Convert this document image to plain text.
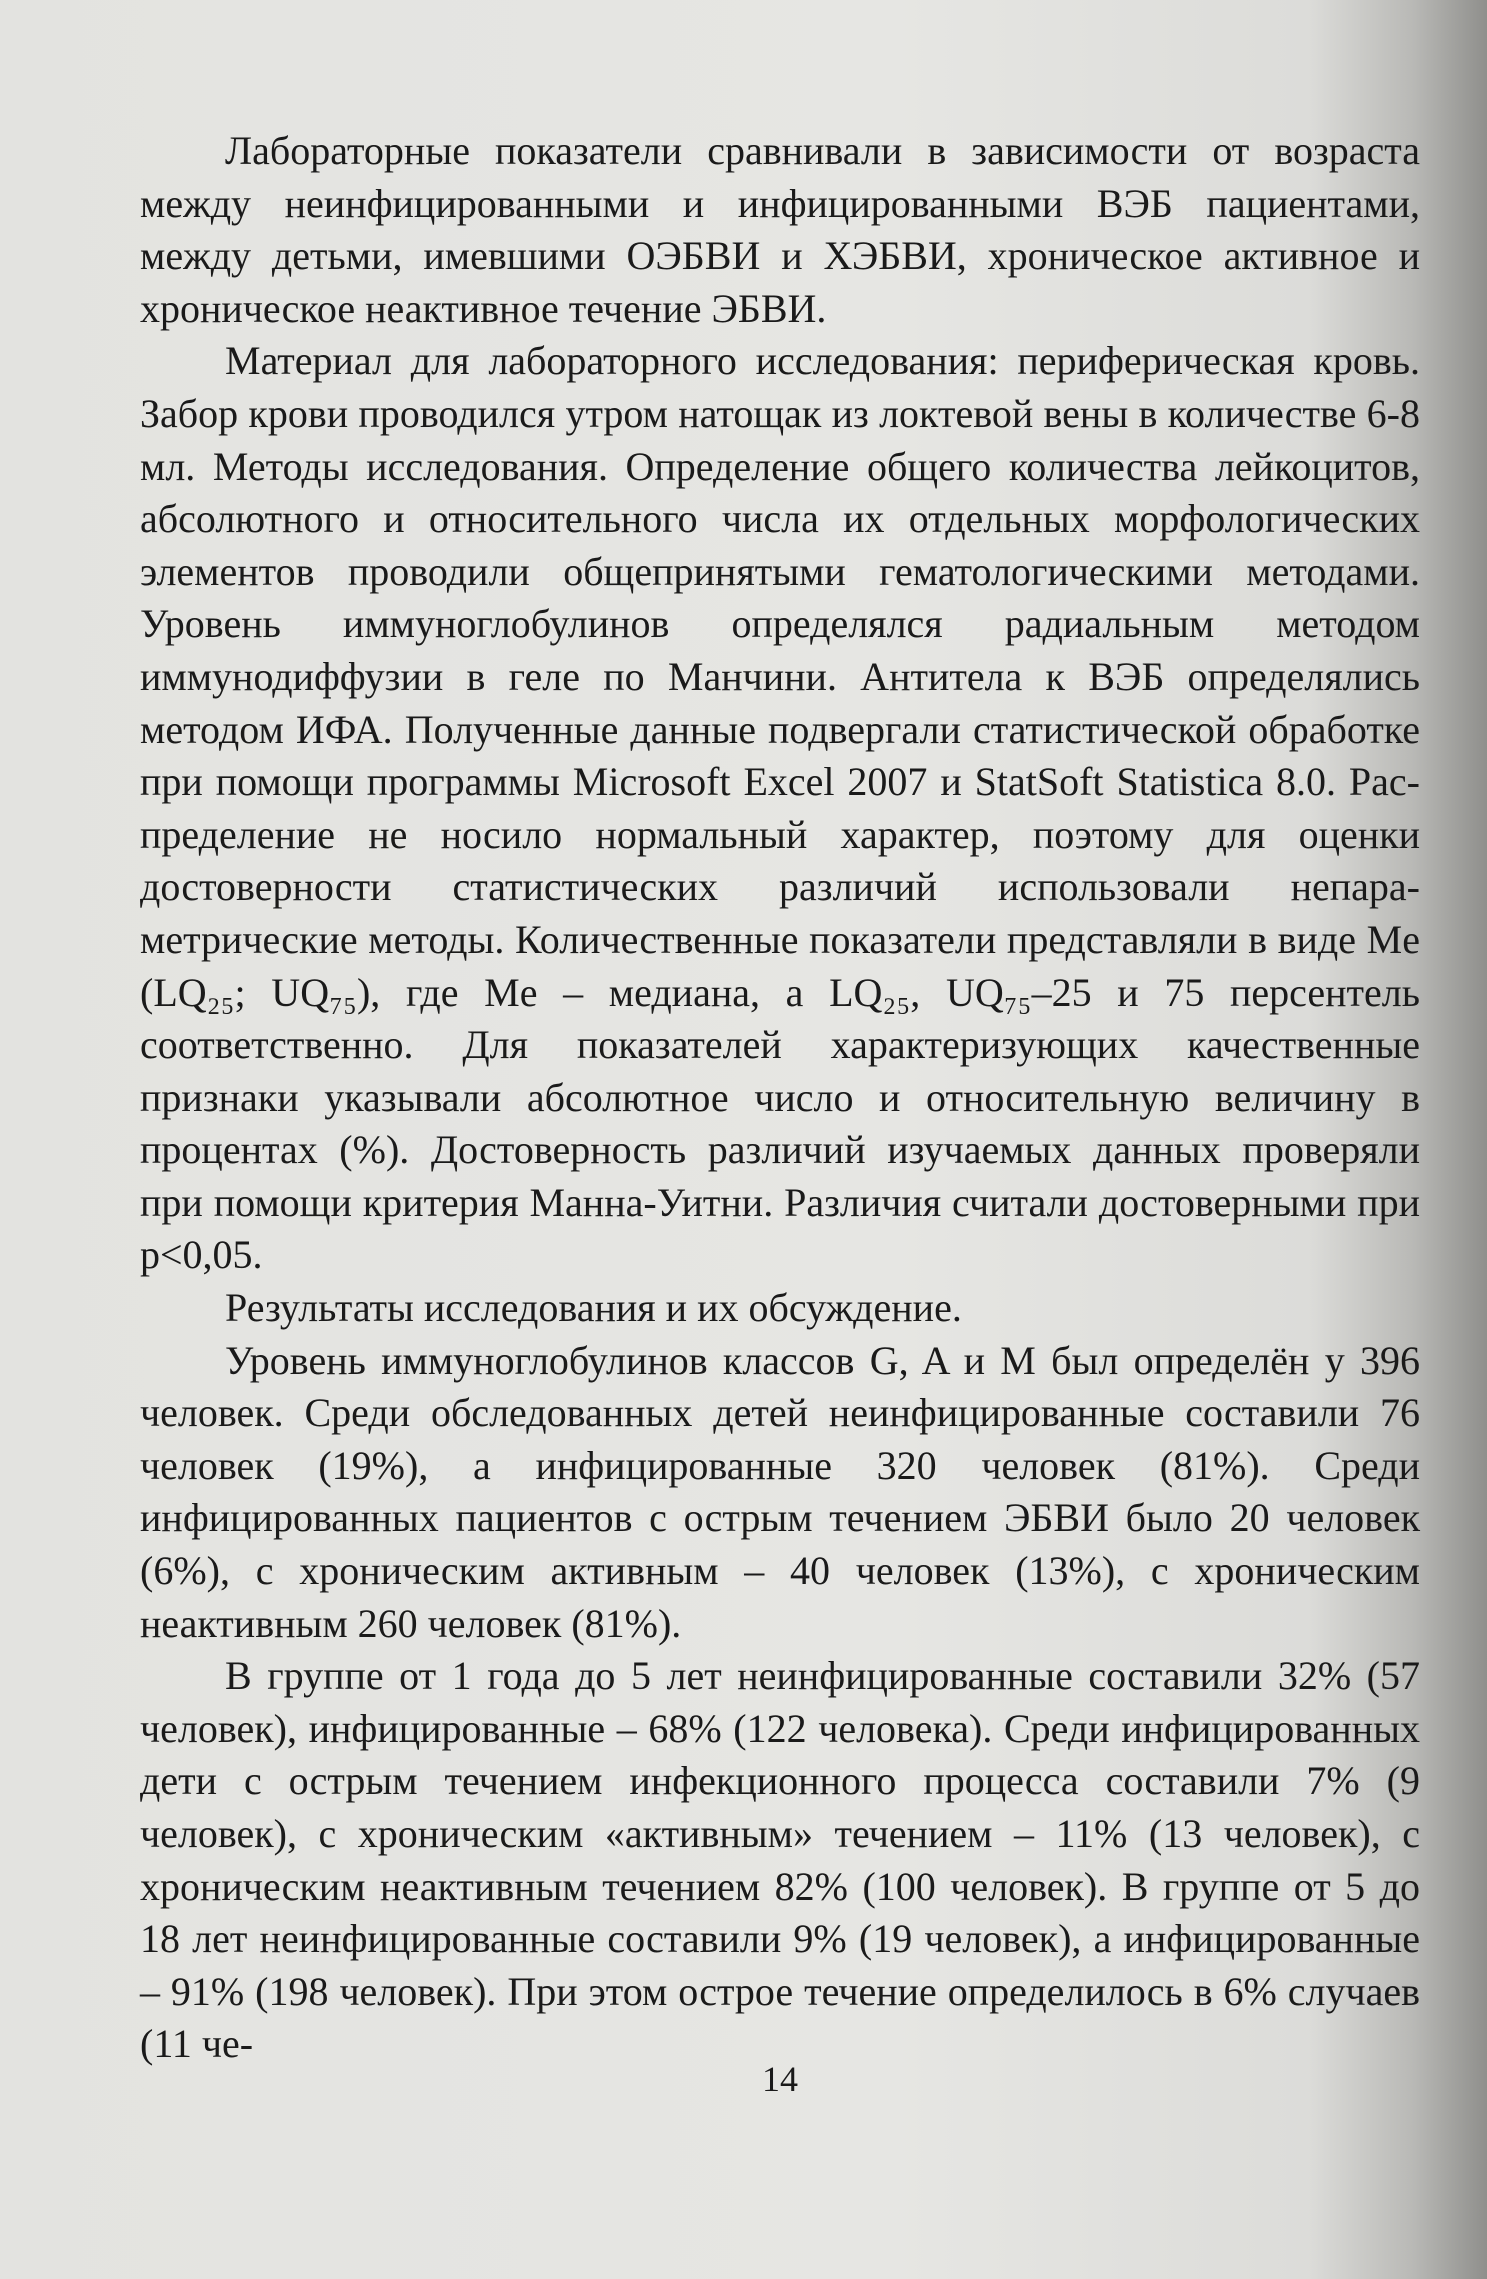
Лабораторные показатели сравнивали в зависимости от возраста между неинфицированными и инфицированными ВЭБ пациентами, между детьми, имевшими ОЭБВИ и ХЭБВИ, хроническое активное и хроническое неактивное течение ЭБВИ.

Материал для лабораторного исследования: периферическая кровь. Забор крови проводился утром натощак из локтевой вены в количестве 6-8 мл. Методы исследования. Определение общего количества лейкоцитов, абсолютного и относительного числа их отдельных морфологических элементов проводили общепринятыми гематологическими методами. Уровень иммуноглобулинов определялся радиальным методом иммунодиффузии в геле по Манчини. Антитела к ВЭБ определялись методом ИФА. Полученные данные подвергали статистической обработке при помощи программы Microsoft Excel 2007 и StatSoft Statistica 8.0. Распределение не носило нормальный характер, поэтому для оценки достоверности статистических различий использовали непараметрические методы. Количественные показатели представляли в виде Me (LQ₂₅; UQ₇₅), где Me – медиана, а LQ₂₅, UQ₇₅–25 и 75 персентель соответственно. Для показателей характеризующих качественные признаки указывали абсолютное число и относительную величину в процентах (%). Достоверность различий изучаемых данных проверяли при помощи критерия Манна-Уитни. Различия считали достоверными при p<0,05.

Результаты исследования и их обсуждение.

Уровень иммуноглобулинов классов G, A и M был определён у 396 человек. Среди обследованных детей неинфицированные составили 76 человек (19%), а инфицированные 320 человек (81%). Среди инфицированных пациентов с острым течением ЭБВИ было 20 человек (6%), с хроническим активным – 40 человек (13%), с хроническим неактивным 260 человек (81%).

В группе от 1 года до 5 лет неинфицированные составили 32% (57 человек), инфицированные – 68% (122 человека). Среди инфицированных дети с острым течением инфекционного процесса составили 7% (9 человек), с хроническим «активным» течением – 11% (13 человек), с хроническим неактивным течением 82% (100 человек). В группе от 5 до 18 лет неинфицированные составили 9% (19 человек), а инфицированные – 91% (198 человек). При этом острое течение определилось в 6% случаев (11 че-

14
